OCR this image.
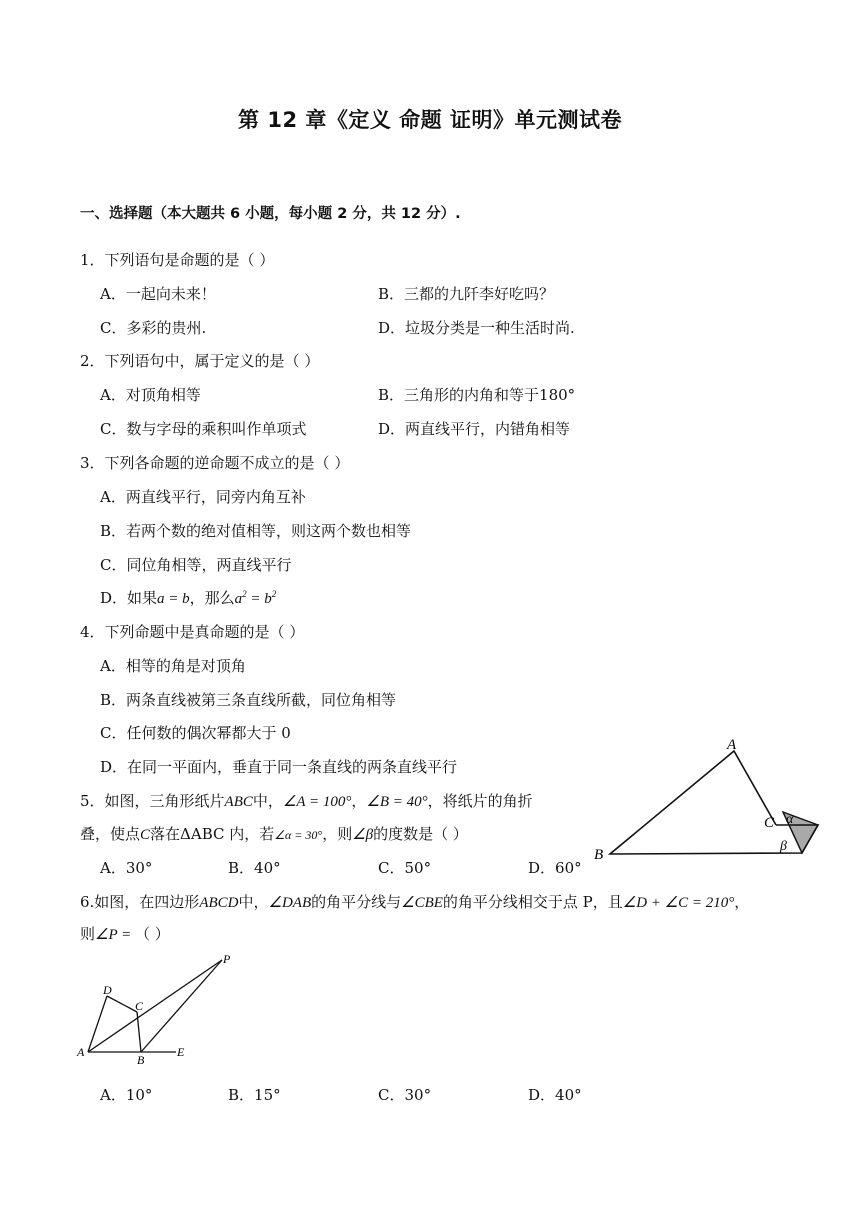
第 12 章《定义 命题 证明》单元测试卷
一、选择题（本大题共 6 小题，每小题 2 分，共 12 分）.
1．下列语句是命题的是（ ）
A．一起向未来！	B．三都的九阡李好吃吗？
C．多彩的贵州.	D．垃圾分类是一种生活时尚.
2．下列语句中，属于定义的是（ ）
A．对顶角相等	B．三角形的内角和等于180°
C．数与字母的乘积叫作单项式	D．两直线平行，内错角相等
3．下列各命题的逆命题不成立的是（ ）
A．两直线平行，同旁内角互补
B．若两个数的绝对值相等，则这两个数也相等
C．同位角相等，两直线平行
D．如果a = b，那么$a^2 = b^2$
4．下列命题中是真命题的是（ ）
A．相等的角是对顶角
B．两条直线被第三条直线所截，同位角相等
C．任何数的偶次幂都大于 0
D．在同一平面内，垂直于同一条直线的两条直线平行
5．如图，三角形纸片ABC中，∠A = 100°，∠B = 40°，将纸片的角折
叠，使点C落在ΔABC 内，若∠α = 30°，则∠β的度数是（ ）
A．30°	B．40°	C．50°	D．60°
A
B
C α
β
6.如图，在四边形ABCD中，∠DAB的角平分线与∠CBE的角平分线相交于点 P，且∠D + ∠C = 210°，
则∠P = （ ）
P
D
C
A
B
E
A．10°	B．15°	C．30°	D．40°
